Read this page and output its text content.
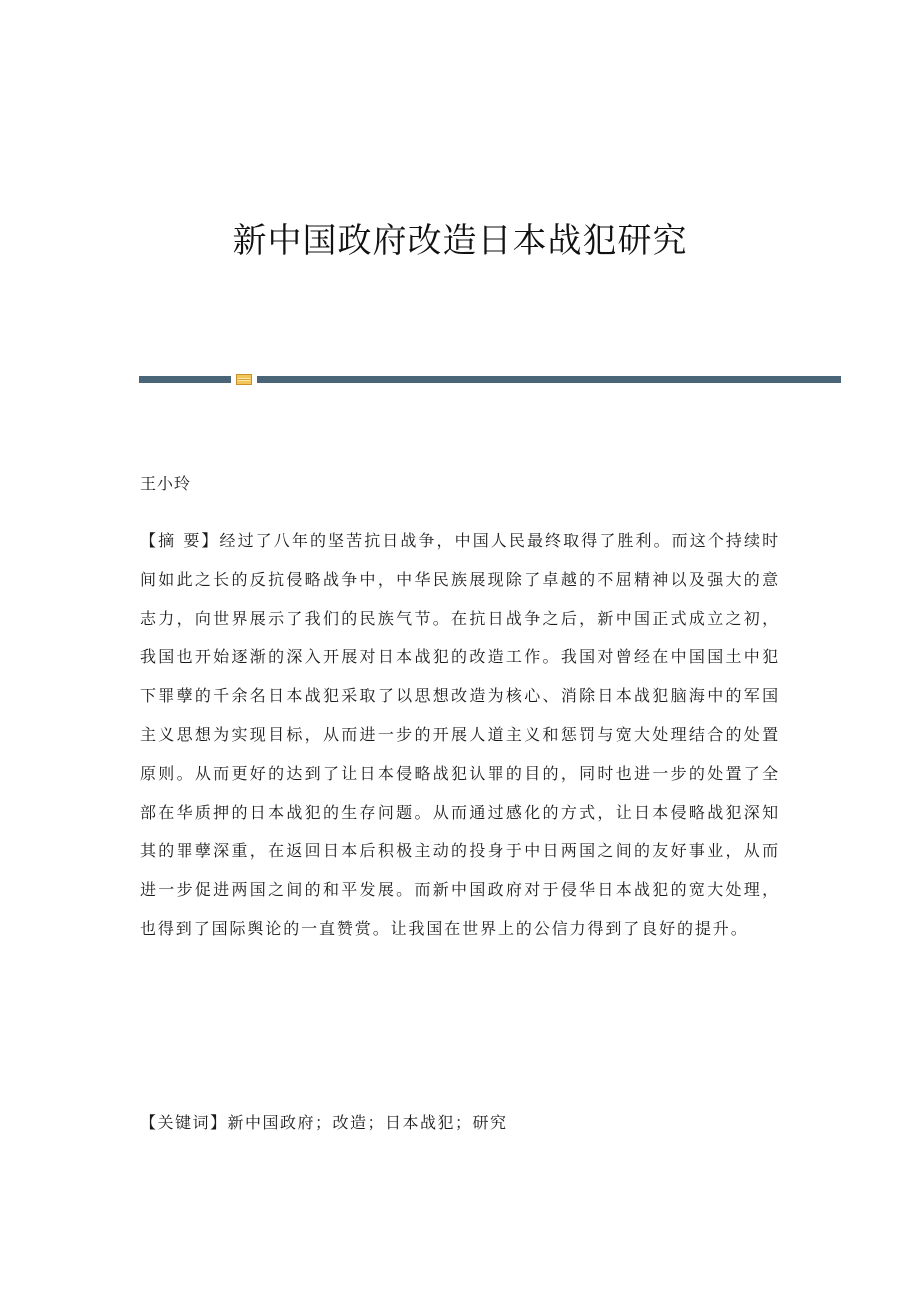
新中国政府改造日本战犯研究
王小玲

【摘 要】经过了八年的坚苦抗日战争，中国人民最终取得了胜利。而这个持续时间如此之长的反抗侵略战争中，中华民族展现除了卓越的不屈精神以及强大的意志力，向世界展示了我们的民族气节。在抗日战争之后，新中国正式成立之初，我国也开始逐渐的深入开展对日本战犯的改造工作。我国对曾经在中国国土中犯下罪孽的千余名日本战犯采取了以思想改造为核心、消除日本战犯脑海中的军国主义思想为实现目标，从而进一步的开展人道主义和惩罚与宽大处理结合的处置原则。从而更好的达到了让日本侵略战犯认罪的目的，同时也进一步的处置了全部在华质押的日本战犯的生存问题。从而通过感化的方式，让日本侵略战犯深知其的罪孽深重，在返回日本后积极主动的投身于中日两国之间的友好事业，从而进一步促进两国之间的和平发展。而新中国政府对于侵华日本战犯的宽大处理，也得到了国际舆论的一直赞赏。让我国在世界上的公信力得到了良好的提升。

【关键词】新中国政府；改造；日本战犯；研究
